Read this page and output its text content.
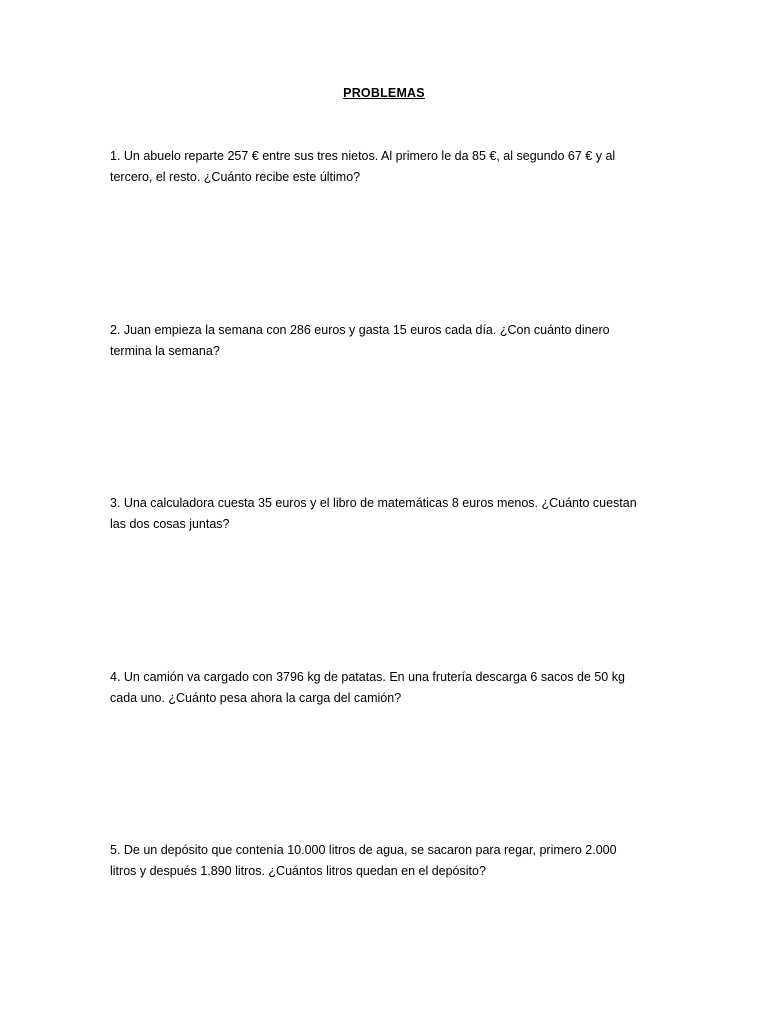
PROBLEMAS
1. Un abuelo reparte 257 € entre sus tres nietos. Al primero le da 85 €, al segundo 67 € y al
tercero, el resto. ¿Cuánto recibe este último?
2. Juan empieza la semana con 286 euros y gasta 15 euros cada día. ¿Con cuánto dinero
termina la semana?
3. Una calculadora cuesta 35 euros y el libro de matemáticas 8 euros menos. ¿Cuánto cuestan
las dos cosas juntas?
4. Un camión va cargado con 3796 kg de patatas. En una frutería descarga 6 sacos de 50 kg
cada uno. ¿Cuánto pesa ahora la carga del camión?
5. De un depósito que contenía 10.000 litros de agua, se sacaron para regar, primero 2.000
litros y después 1.890 litros. ¿Cuántos litros quedan en el depósito?
